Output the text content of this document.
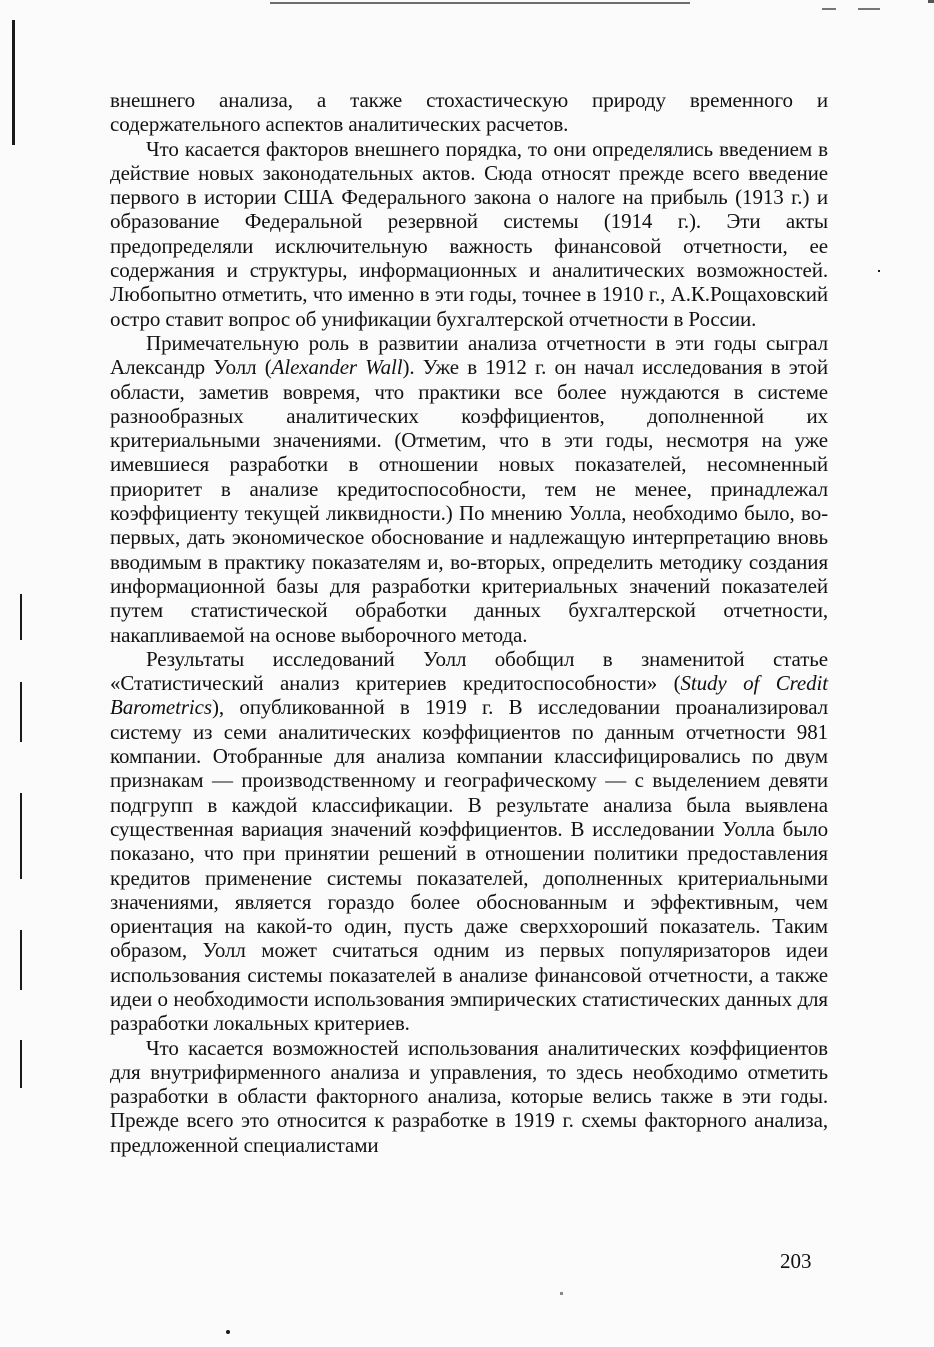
внешнего анализа, а также стохастическую природу временного и содержательного аспектов аналитических расчетов.

Что касается факторов внешнего порядка, то они определялись введением в действие новых законодательных актов. Сюда относят прежде всего введение первого в истории США Федерального закона о налоге на прибыль (1913 г.) и образование Федеральной резервной системы (1914 г.). Эти акты предопределяли исключительную важность финансовой отчетности, ее содержания и структуры, информационных и аналитических возможностей. Любопытно отметить, что именно в эти годы, точнее в 1910 г., А.К.Рощаховский остро ставит вопрос об унификации бухгалтерской отчетности в России.

Примечательную роль в развитии анализа отчетности в эти годы сыграл Александр Уолл (Alexander Wall). Уже в 1912 г. он начал исследования в этой области, заметив вовремя, что практики все более нуждаются в системе разнообразных аналитических коэффициентов, дополненной их критериальными значениями. (Отметим, что в эти годы, несмотря на уже имевшиеся разработки в отношении новых показателей, несомненный приоритет в анализе кредитоспособности, тем не менее, принадлежал коэффициенту текущей ликвидности.) По мнению Уолла, необходимо было, во-первых, дать экономическое обоснование и надлежащую интерпретацию вновь вводимым в практику показателям и, во-вторых, определить методику создания информационной базы для разработки критериальных значений показателей путем статистической обработки данных бухгалтерской отчетности, накапливаемой на основе выборочного метода.

Результаты исследований Уолл обобщил в знаменитой статье «Статистический анализ критериев кредитоспособности» (Study of Credit Barometrics), опубликованной в 1919 г. В исследовании проанализировал систему из семи аналитических коэффициентов по данным отчетности 981 компании. Отобранные для анализа компании классифицировались по двум признакам — производственному и географическому — с выделением девяти подгрупп в каждой классификации. В результате анализа была выявлена существенная вариация значений коэффициентов. В исследовании Уолла было показано, что при принятии решений в отношении политики предоставления кредитов применение системы показателей, дополненных критериальными значениями, является гораздо более обоснованным и эффективным, чем ориентация на какой-то один, пусть даже сверххороший показатель. Таким образом, Уолл может считаться одним из первых популяризаторов идеи использования системы показателей в анализе финансовой отчетности, а также идеи о необходимости использования эмпирических статистических данных для разработки локальных критериев.

Что касается возможностей использования аналитических коэффициентов для внутрифирменного анализа и управления, то здесь необходимо отметить разработки в области факторного анализа, которые велись также в эти годы. Прежде всего это относится к разработке в 1919 г. схемы факторного анализа, предложенной специалистами

203
